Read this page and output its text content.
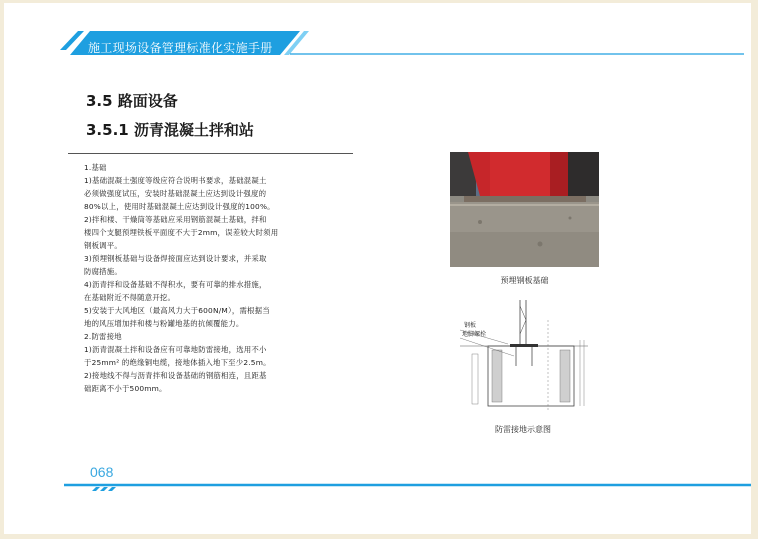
施工现场设备管理标准化实施手册
3.5 路面设备
3.5.1 沥青混凝土拌和站

1.基础

1)基础混凝土强度等级应符合说明书要求，基础混凝土

必须做强度试压，安装时基础混凝土应达到设计强度的

80%以上，使用时基础混凝土应达到设计强度的100%。

2)拌和楼、干燥筒等基础应采用钢筋混凝土基础，拌和

楼四个支腿预埋铁板平面度不大于2mm，误差较大时须用

钢板调平。

3)预埋钢板基础与设备焊接面应达到设计要求，并采取

防腐措施。

4)沥青拌和设备基础不得积水，要有可靠的排水措施，

在基础附近不得随意开挖。

5)安装于大风地区（最高风力大于600N/M），需根据当

地的风压增加拌和楼与粉罐地基的抗倾覆能力。

2.防雷接地

1)沥青混凝土拌和设备应有可靠地防雷接地，选用不小

于25mm² 的绝缘铜电缆，接地体插入地下至少2.5m。

2)接地线不得与沥青拌和设备基础的钢筋相连，且距基

础距离不小于500mm。

预埋钢板基础
钢板
地脚螺栓
防雷接地示意图
068
